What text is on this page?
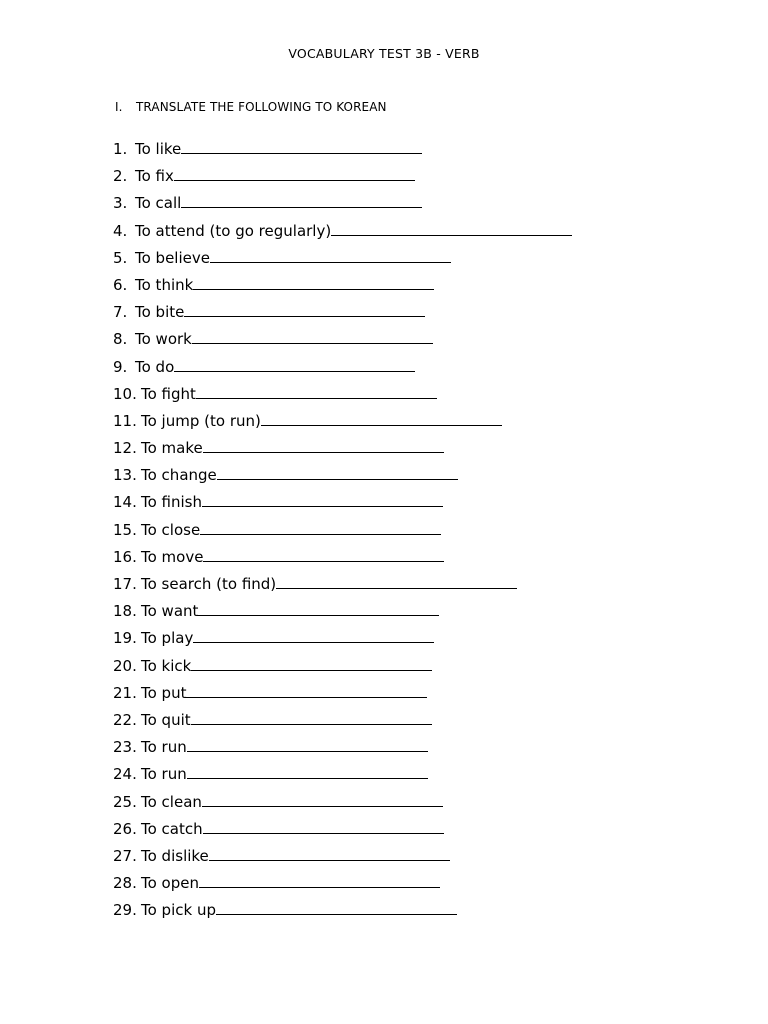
VOCABULARY TEST 3B - VERB
I. TRANSLATE THE FOLLOWING TO KOREAN
1. To like
2. To fix
3. To call
4. To attend (to go regularly)
5. To believe
6. To think
7. To bite
8. To work
9. To do
10. To fight
11. To jump (to run)
12. To make
13. To change
14. To finish
15. To close
16. To move
17. To search (to find)
18. To want
19. To play
20. To kick
21. To put
22. To quit
23. To run
24. To run
25. To clean
26. To catch
27. To dislike
28. To open
29. To pick up
